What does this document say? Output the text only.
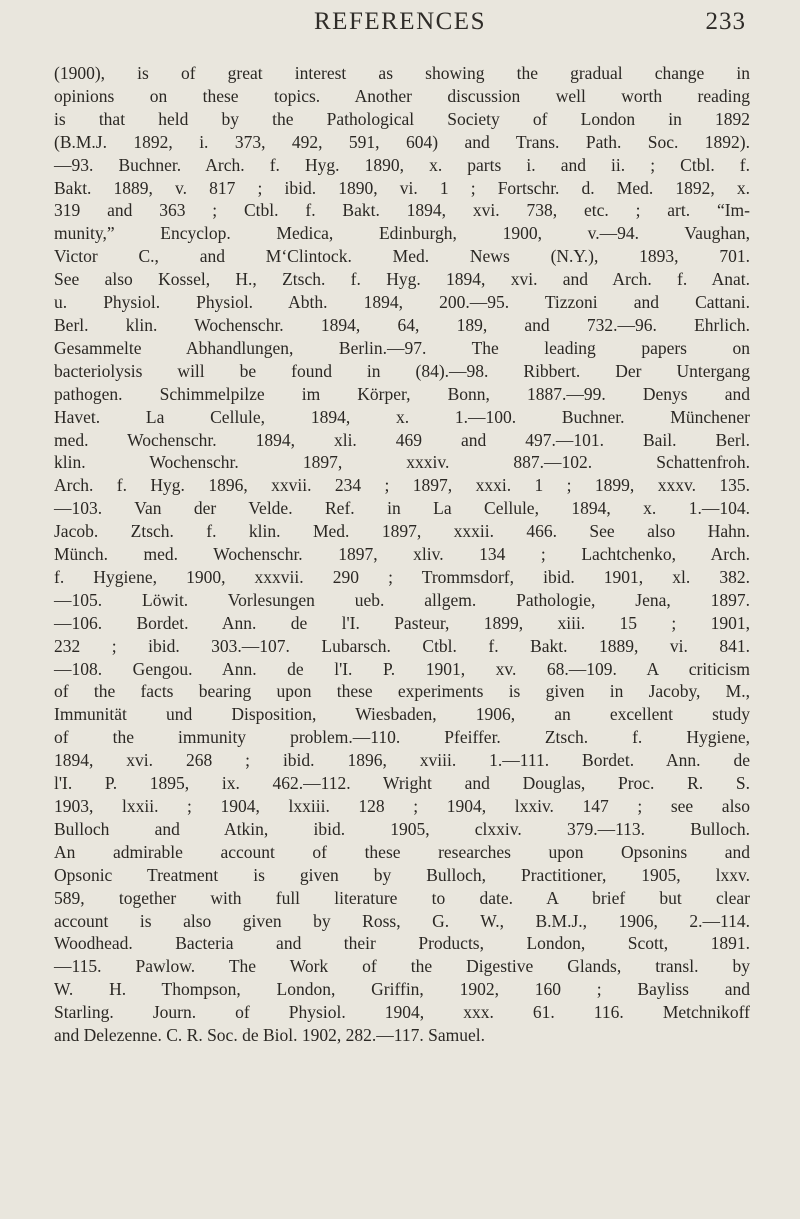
REFERENCES	233
(1900), is of great interest as showing the gradual change in
opinions on these topics. Another discussion well worth reading
is that held by the Pathological Society of London in 1892
(B.M.J. 1892, i. 373, 492, 591, 604) and Trans. Path. Soc. 1892).
—93. Buchner. Arch. f. Hyg. 1890, x. parts i. and ii. ; Ctbl. f.
Bakt. 1889, v. 817 ; ibid. 1890, vi. 1 ; Fortschr. d. Med. 1892, x.
319 and 363 ; Ctbl. f. Bakt. 1894, xvi. 738, etc. ; art. “Im-
munity,” Encyclop. Medica, Edinburgh, 1900, v.—94. Vaughan,
Victor C., and M‘Clintock. Med. News (N.Y.), 1893, 701.
See also Kossel, H., Ztsch. f. Hyg. 1894, xvi. and Arch. f. Anat.
u. Physiol. Physiol. Abth. 1894, 200.—95. Tizzoni and Cattani.
Berl. klin. Wochenschr. 1894, 64, 189, and 732.—96. Ehrlich.
Gesammelte Abhandlungen, Berlin.—97. The leading papers on
bacteriolysis will be found in (84).—98. Ribbert. Der Untergang
pathogen. Schimmelpilze im Körper, Bonn, 1887.—99. Denys and
Havet. La Cellule, 1894, x. 1.—100. Buchner. Münchener
med. Wochenschr. 1894, xli. 469 and 497.—101. Bail. Berl.
klin. Wochenschr. 1897, xxxiv. 887.—102. Schattenfroh.
Arch. f. Hyg. 1896, xxvii. 234 ; 1897, xxxi. 1 ; 1899, xxxv. 135.
—103. Van der Velde. Ref. in La Cellule, 1894, x. 1.—104.
Jacob. Ztsch. f. klin. Med. 1897, xxxii. 466. See also Hahn.
Münch. med. Wochenschr. 1897, xliv. 134 ; Lachtchenko, Arch.
f. Hygiene, 1900, xxxvii. 290 ; Trommsdorf, ibid. 1901, xl. 382.
—105. Löwit. Vorlesungen ueb. allgem. Pathologie, Jena, 1897.
—106. Bordet. Ann. de l'I. Pasteur, 1899, xiii. 15 ; 1901,
232 ; ibid. 303.—107. Lubarsch. Ctbl. f. Bakt. 1889, vi. 841.
—108. Gengou. Ann. de l'I. P. 1901, xv. 68.—109. A criticism
of the facts bearing upon these experiments is given in Jacoby, M.,
Immunität und Disposition, Wiesbaden, 1906, an excellent study
of the immunity problem.—110. Pfeiffer. Ztsch. f. Hygiene,
1894, xvi. 268 ; ibid. 1896, xviii. 1.—111. Bordet. Ann. de
l'I. P. 1895, ix. 462.—112. Wright and Douglas, Proc. R. S.
1903, lxxii. ; 1904, lxxiii. 128 ; 1904, lxxiv. 147 ; see also
Bulloch and Atkin, ibid. 1905, clxxiv. 379.—113. Bulloch.
An admirable account of these researches upon Opsonins and
Opsonic Treatment is given by Bulloch, Practitioner, 1905, lxxv.
589, together with full literature to date. A brief but clear
account is also given by Ross, G. W., B.M.J., 1906, 2.—114.
Woodhead. Bacteria and their Products, London, Scott, 1891.
—115. Pawlow. The Work of the Digestive Glands, transl. by
W. H. Thompson, London, Griffin, 1902, 160 ; Bayliss and
Starling. Journ. of Physiol. 1904, xxx. 61. 116. Metchnikoff
and Delezenne. C. R. Soc. de Biol. 1902, 282.—117. Samuel.
